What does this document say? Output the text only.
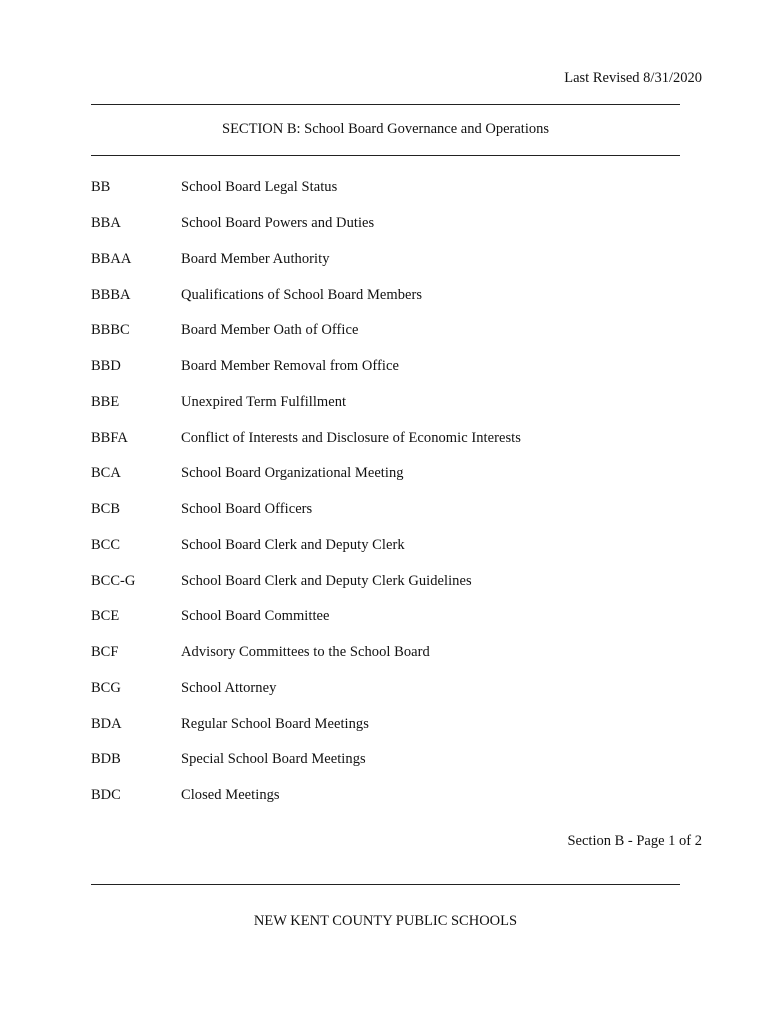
Last Revised 8/31/2020
SECTION B: School Board Governance and Operations
BB	School Board Legal Status
BBA	School Board Powers and Duties
BBAA	Board Member Authority
BBBA	Qualifications of School Board Members
BBBC	Board Member Oath of Office
BBD	Board Member Removal from Office
BBE	Unexpired Term Fulfillment
BBFA	Conflict of Interests and Disclosure of Economic Interests
BCA	School Board Organizational Meeting
BCB	School Board Officers
BCC	School Board Clerk and Deputy Clerk
BCC-G	School Board Clerk and Deputy Clerk Guidelines
BCE	School Board Committee
BCF	Advisory Committees to the School Board
BCG	School Attorney
BDA	Regular School Board Meetings
BDB	Special School Board Meetings
BDC	Closed Meetings
Section B - Page 1 of 2
NEW KENT COUNTY PUBLIC SCHOOLS
